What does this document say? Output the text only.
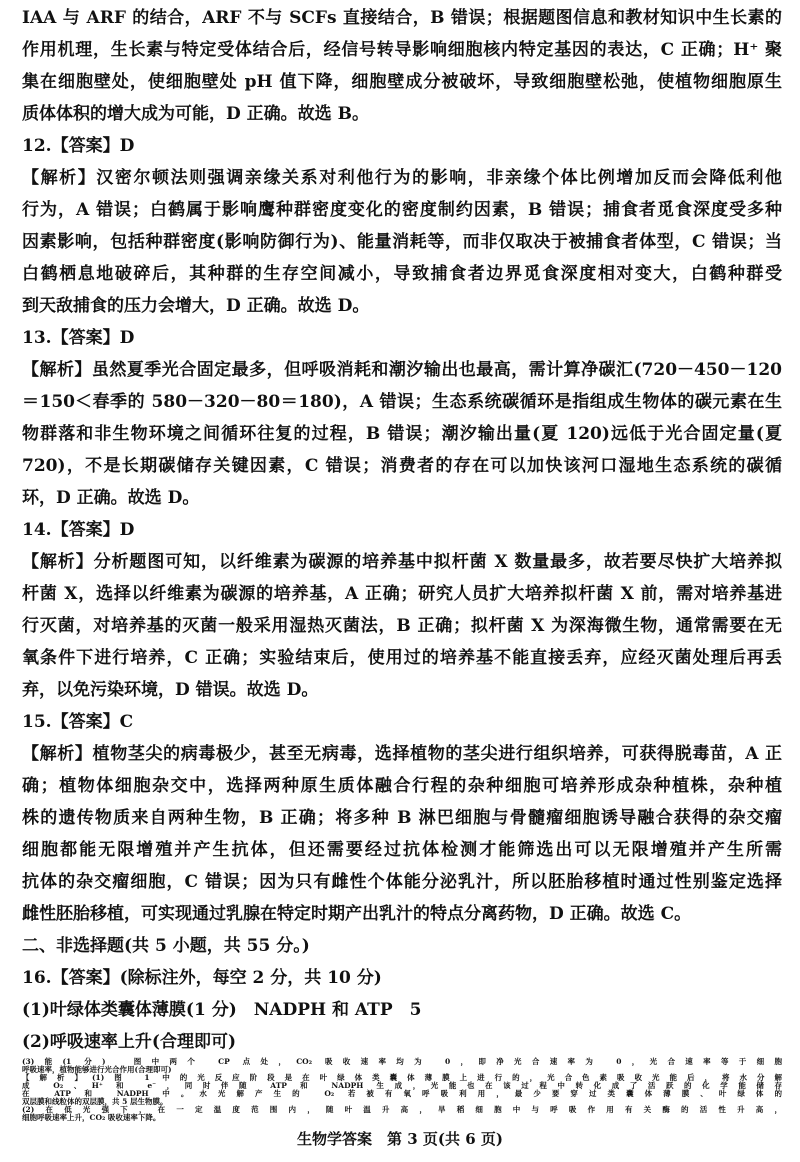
IAA 与 ARF 的结合，ARF 不与 SCFs 直接结合，B 错误；根据题图信息和教材知识中生长素的
作用机理，生长素与特定受体结合后，经信号转导影响细胞核内特定基因的表达，C 正确；H⁺ 聚
集在细胞壁处，使细胞壁处 pH 值下降，细胞壁成分被破坏，导致细胞壁松弛，使植物细胞原生
质体体积的增大成为可能，D 正确。故选 B。
12.【答案】D
【解析】汉密尔顿法则强调亲缘关系对利他行为的影响，非亲缘个体比例增加反而会降低利他
行为，A 错误；白鹤属于影响鹰种群密度变化的密度制约因素，B 错误；捕食者觅食深度受多种
因素影响，包括种群密度(影响防御行为)、能量消耗等，而非仅取决于被捕食者体型，C 错误；当
白鹤栖息地破碎后，其种群的生存空间减小，导致捕食者边界觅食深度相对变大，白鹤种群受
到天敌捕食的压力会增大，D 正确。故选 D。
13.【答案】D
【解析】虽然夏季光合固定最多，但呼吸消耗和潮汐输出也最高，需计算净碳汇(720－450－120
＝150＜春季的 580－320－80＝180)，A 错误；生态系统碳循环是指组成生物体的碳元素在生
物群落和非生物环境之间循环往复的过程，B 错误；潮汐输出量(夏 120)远低于光合固定量(夏
720)，不是长期碳储存关键因素，C 错误；消费者的存在可以加快该河口湿地生态系统的碳循
环，D 正确。故选 D。
14.【答案】D
【解析】分析题图可知，以纤维素为碳源的培养基中拟杆菌 X 数量最多，故若要尽快扩大培养拟
杆菌 X，选择以纤维素为碳源的培养基，A 正确；研究人员扩大培养拟杆菌 X 前，需对培养基进
行灭菌，对培养基的灭菌一般采用湿热灭菌法，B 正确；拟杆菌 X 为深海微生物，通常需要在无
氧条件下进行培养，C 正确；实验结束后，使用过的培养基不能直接丢弃，应经灭菌处理后再丢
弃，以免污染环境，D 错误。故选 D。
15.【答案】C
【解析】植物茎尖的病毒极少，甚至无病毒，选择植物的茎尖进行组织培养，可获得脱毒苗，A 正
确；植物体细胞杂交中，选择两种原生质体融合行程的杂种细胞可培养形成杂种植株，杂种植
株的遗传物质来自两种生物，B 正确；将多种 B 淋巴细胞与骨髓瘤细胞诱导融合获得的杂交瘤
细胞都能无限增殖并产生抗体，但还需要经过抗体检测才能筛选出可以无限增殖并产生所需
抗体的杂交瘤细胞，C 错误；因为只有雌性个体能分泌乳汁，所以胚胎移植时通过性别鉴定选择
雌性胚胎移植，可实现通过乳腺在特定时期产出乳汁的特点分离药物，D 正确。故选 C。
二、非选择题(共 5 小题，共 55 分。)
16.【答案】(除标注外，每空 2 分，共 10 分)
(1)叶绿体类囊体薄膜(1 分)　NADPH 和 ATP　5
(2)呼吸速率上升(合理即可)
生物学答案　第 3 页(共 6 页)
(3)能(1 分)　图中两个 CP 点处，CO₂ 吸收速率均为 0，即净光合速率为 0，光合速率等于细胞
呼吸速率，植物能够进行光合作用(合理即可)
【解析】(1)图 1 中的光反应阶段是在叶绿体类囊体薄膜上进行的，光合色素吸收光能后，将水分解
成 O₂、H⁺ 和 e⁻，同时伴随 ATP 和 NADPH 生成，光能也在该过程中转化成了活跃的化学能储存
在 ATP 和 NADPH 中。水光解产生的 O₂ 若被有氧呼吸利用，最少要穿过类囊体薄膜、叶绿体的
双层膜和线粒体的双层膜，共 5 层生物膜。
(2)在低光强下，在一定温度范围内，随叶温升高，旱稻细胞中与呼吸作用有关酶的活性升高，
细胞呼吸速率上升，CO₂ 吸收速率下降。
